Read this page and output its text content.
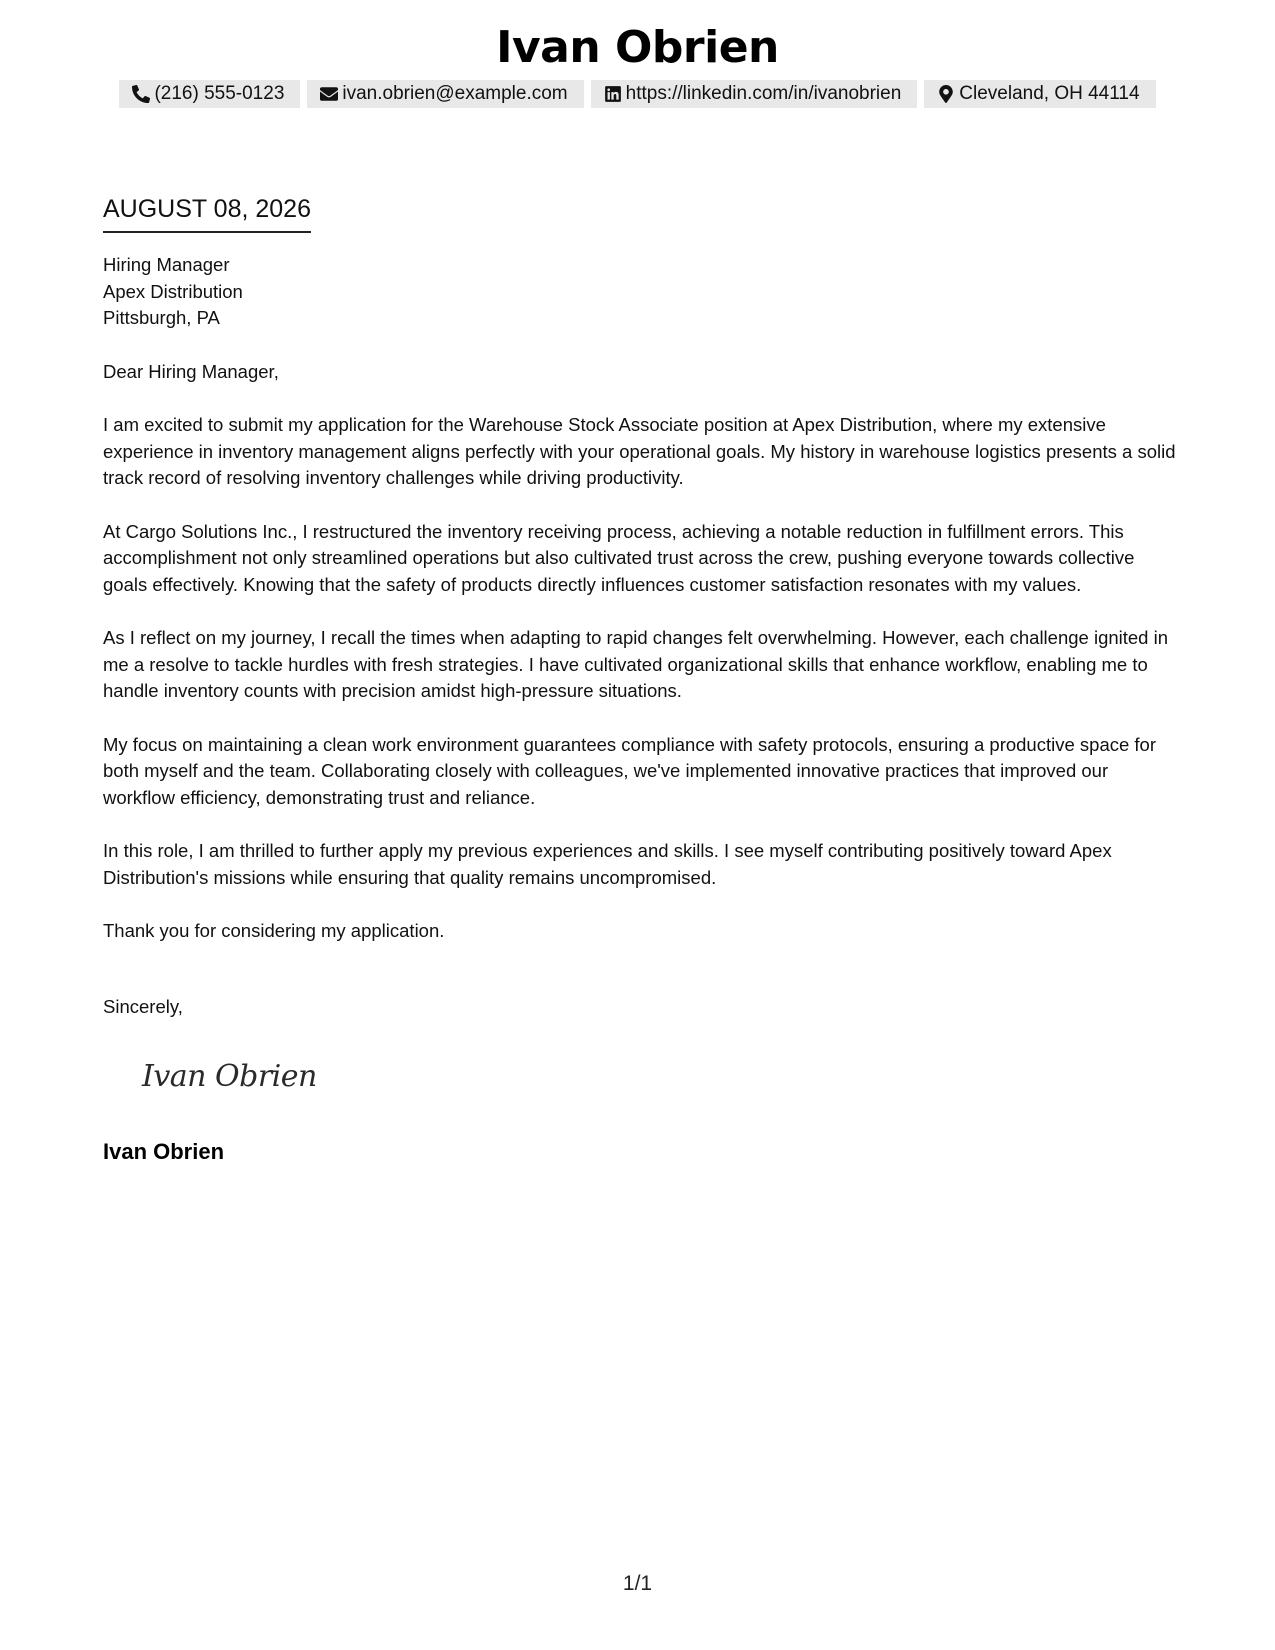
Ivan Obrien
(216) 555-0123	ivan.obrien@example.com	https://linkedin.com/in/ivanobrien	Cleveland, OH 44114
AUGUST 08, 2026
Hiring Manager
Apex Distribution
Pittsburgh, PA

Dear Hiring Manager,

I am excited to submit my application for the Warehouse Stock Associate position at Apex Distribution, where my extensive experience in inventory management aligns perfectly with your operational goals. My history in warehouse logistics presents a solid track record of resolving inventory challenges while driving productivity.

At Cargo Solutions Inc., I restructured the inventory receiving process, achieving a notable reduction in fulfillment errors. This accomplishment not only streamlined operations but also cultivated trust across the crew, pushing everyone towards collective goals effectively. Knowing that the safety of products directly influences customer satisfaction resonates with my values.

As I reflect on my journey, I recall the times when adapting to rapid changes felt overwhelming. However, each challenge ignited in me a resolve to tackle hurdles with fresh strategies. I have cultivated organizational skills that enhance workflow, enabling me to handle inventory counts with precision amidst high-pressure situations.

My focus on maintaining a clean work environment guarantees compliance with safety protocols, ensuring a productive space for both myself and the team. Collaborating closely with colleagues, we've implemented innovative practices that improved our workflow efficiency, demonstrating trust and reliance.

In this role, I am thrilled to further apply my previous experiences and skills. I see myself contributing positively toward Apex Distribution's missions while ensuring that quality remains uncompromised.

Thank you for considering my application.

Sincerely,
Ivan Obrien
Ivan Obrien
1/1
